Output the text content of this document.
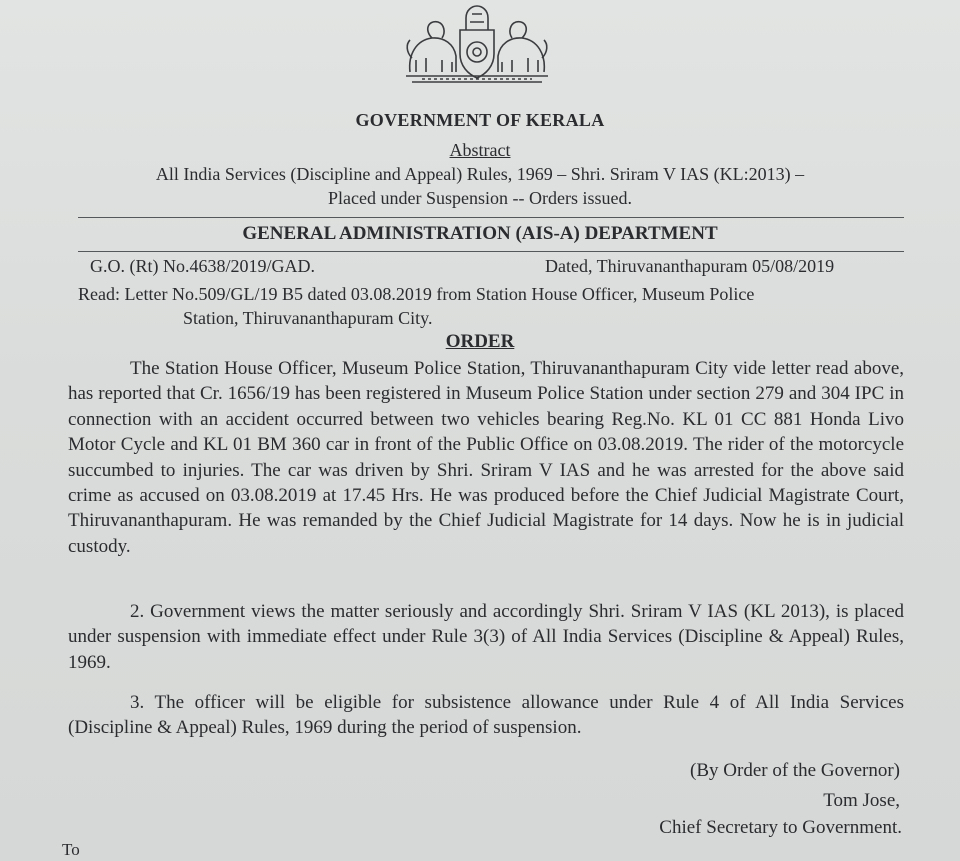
GOVERNMENT OF KERALA
Abstract
All India Services (Discipline and Appeal) Rules, 1969 – Shri. Sriram V IAS (KL:2013) –
Placed under Suspension -- Orders issued.
GENERAL ADMINISTRATION (AIS-A) DEPARTMENT
G.O. (Rt) No.4638/2019/GAD.	Dated, Thiruvananthapuram 05/08/2019
Read: Letter No.509/GL/19 B5 dated 03.08.2019 from Station House Officer, Museum Police
Station, Thiruvananthapuram City.
ORDER
The Station House Officer, Museum Police Station, Thiruvananthapuram City vide letter read above, has reported that Cr. 1656/19 has been registered in Museum Police Station under section 279 and 304 IPC in connection with an accident occurred between two vehicles bearing Reg.No. KL 01 CC 881 Honda Livo Motor Cycle and KL 01 BM 360 car in front of the Public Office on 03.08.2019. The rider of the motorcycle succumbed to injuries. The car was driven by Shri. Sriram V IAS and he was arrested for the above said crime as accused on 03.08.2019 at 17.45 Hrs. He was produced before the Chief Judicial Magistrate Court, Thiruvananthapuram. He was remanded by the Chief Judicial Magistrate for 14 days. Now he is in judicial custody.
2. Government views the matter seriously and accordingly Shri. Sriram V IAS (KL 2013), is placed under suspension with immediate effect under Rule 3(3) of All India Services (Discipline & Appeal) Rules, 1969.
3. The officer will be eligible for subsistence allowance under Rule 4 of All India Services (Discipline & Appeal) Rules, 1969 during the period of suspension.
(By Order of the Governor)
Tom Jose,
Chief Secretary to Government.
To
